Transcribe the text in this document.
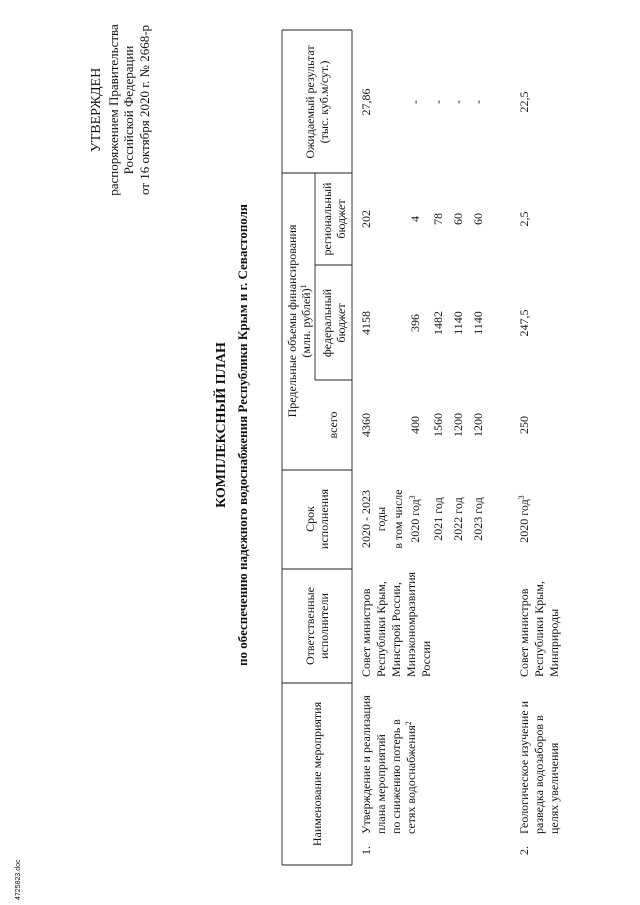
УТВЕРЖДЕН распоряжением Правительства Российской Федерации от 16 октября 2020 г. № 2668-р
КОМПЛЕКСНЫЙ ПЛАН по обеспечению надежного водоснабжения Республики Крым и г. Севастополя
Наименование мероприятия
Ответственные исполнители
Срок исполнения
Предельные объемы финансирования (млн. рублей)$^1$
всего
федеральный бюджет
региональный бюджет
Ожидаемый результат (тыс. куб.м/сут.)
1.
Утверждение и реализация плана мероприятий по снижению потерь в сетях водоснабжения$^2$
Совет министров Республики Крым, Минстрой России, Минэкономразвития России
2020 - 2023 годы
4360
4158
202
27,86
в том числе 2020 год$^3$
400
396
4
-
2021 год
1560
1482
78
-
2022 год
1200
1140
60
-
2023 год
1200
1140
60
-
2.
Геологическое изучение и разведка водозаборов в целях увеличения
Совет министров Республики Крым, Минприроды
2020 год$^3$
250
247,5
2,5
22,5
4725823.doc
